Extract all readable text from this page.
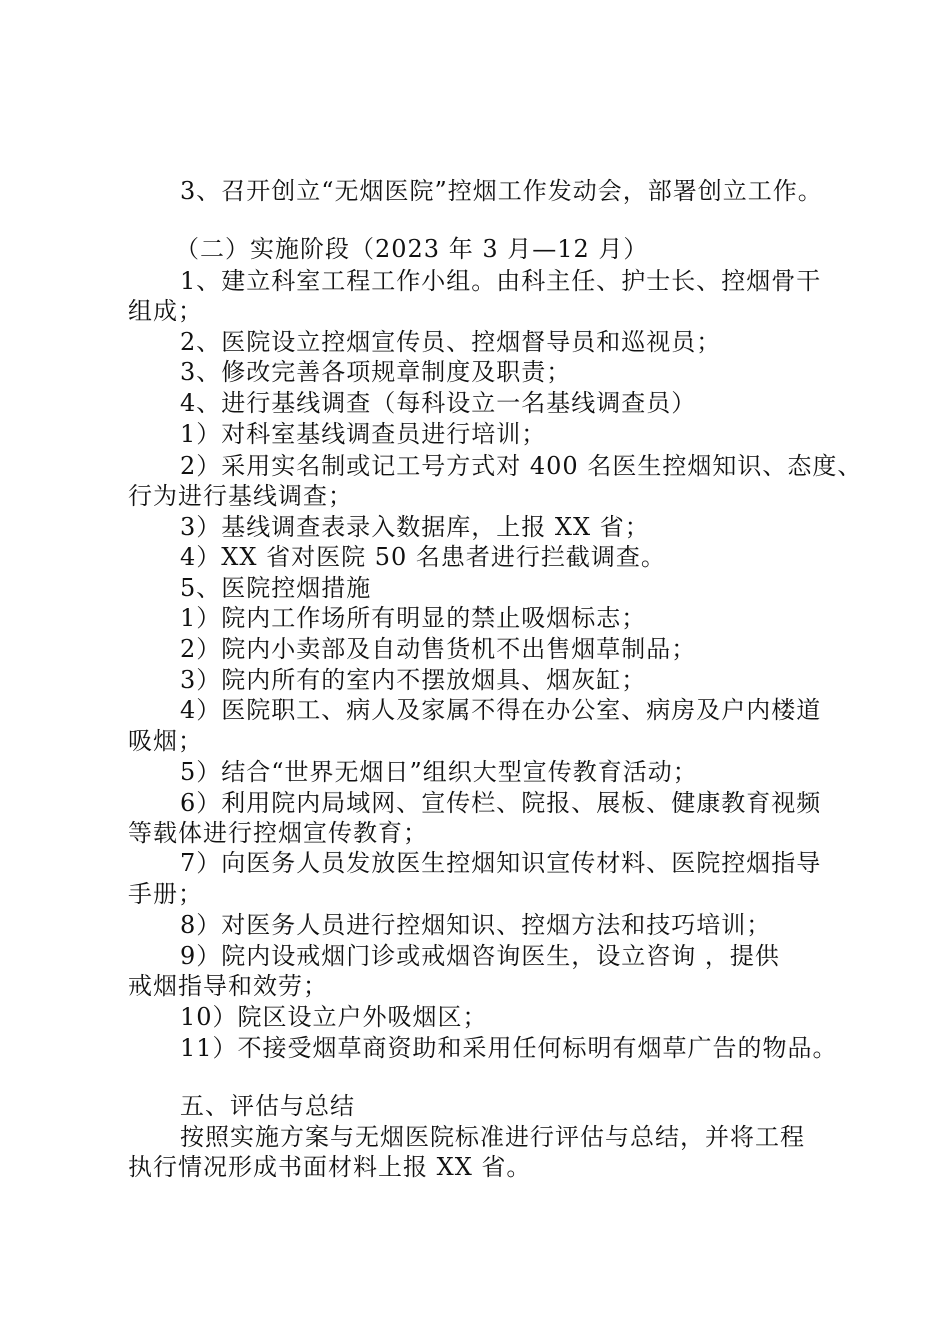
3、召开创立“无烟医院”控烟工作发动会，部署创立工作。
（二）实施阶段（2023 年 3 月—12 月）
1、建立科室工程工作小组。由科主任、护士长、控烟骨干
组成；
2、医院设立控烟宣传员、控烟督导员和巡视员；
3、修改完善各项规章制度及职责；
4、进行基线调查（每科设立一名基线调查员）
1）对科室基线调查员进行培训；
2）采用实名制或记工号方式对 400 名医生控烟知识、态度、
行为进行基线调查；
3）基线调查表录入数据库，上报 XX 省；
4）XX 省对医院 50 名患者进行拦截调查。
5、医院控烟措施
1）院内工作场所有明显的禁止吸烟标志；
2）院内小卖部及自动售货机不出售烟草制品；
3）院内所有的室内不摆放烟具、烟灰缸；
4）医院职工、病人及家属不得在办公室、病房及户内楼道
吸烟；
5）结合“世界无烟日”组织大型宣传教育活动；
6）利用院内局域网、宣传栏、院报、展板、健康教育视频
等载体进行控烟宣传教育；
7）向医务人员发放医生控烟知识宣传材料、医院控烟指导
手册；
8）对医务人员进行控烟知识、控烟方法和技巧培训；
9）院内设戒烟门诊或戒烟咨询医生，设立咨询 ，提供
戒烟指导和效劳；
10）院区设立户外吸烟区；
11）不接受烟草商资助和采用任何标明有烟草广告的物品。
五、评估与总结
按照实施方案与无烟医院标准进行评估与总结，并将工程
执行情况形成书面材料上报 XX 省。
